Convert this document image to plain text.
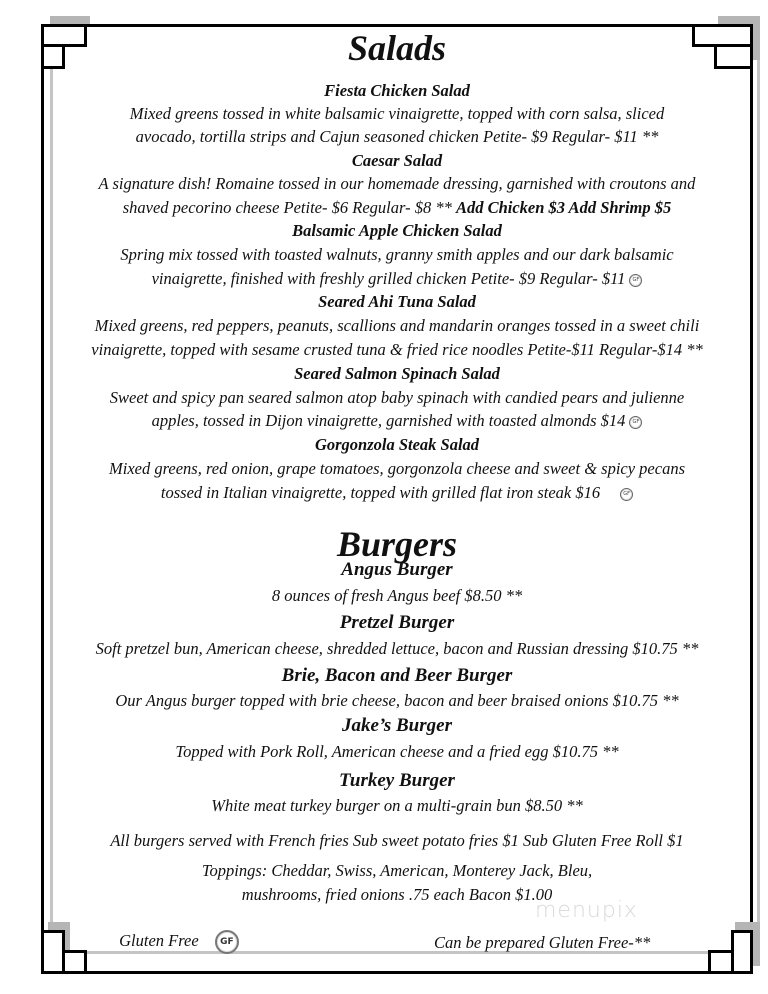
Salads
Fiesta Chicken Salad
Mixed greens tossed in white balsamic vinaigrette, topped with corn salsa, sliced
avocado, tortilla strips and Cajun seasoned chicken Petite- $9 Regular- $11 **
Caesar Salad
A signature dish! Romaine tossed in our homemade dressing, garnished with croutons and
shaved pecorino cheese Petite- $6 Regular- $8 ** Add Chicken $3 Add Shrimp $5
Balsamic Apple Chicken Salad
Spring mix tossed with toasted walnuts, granny smith apples and our dark balsamic
vinaigrette, finished with freshly grilled chicken Petite- $9 Regular- $11 GF
Seared Ahi Tuna Salad
Mixed greens, red peppers, peanuts, scallions and mandarin oranges tossed in a sweet chili
vinaigrette, topped with sesame crusted tuna & fried rice noodles Petite-$11 Regular-$14 **
Seared Salmon Spinach Salad
Sweet and spicy pan seared salmon atop baby spinach with candied pears and julienne
apples, tossed in Dijon vinaigrette, garnished with toasted almonds $14 GF
Gorgonzola Steak Salad
Mixed greens, red onion, grape tomatoes, gorgonzola cheese and sweet & spicy pecans
tossed in Italian vinaigrette, topped with grilled flat iron steak $16	GF
Burgers
Angus Burger
8 ounces of fresh Angus beef $8.50 **
Pretzel Burger
Soft pretzel bun, American cheese, shredded lettuce, bacon and Russian dressing $10.75 **
Brie, Bacon and Beer Burger
Our Angus burger topped with brie cheese, bacon and beer braised onions $10.75 **
Jake’s Burger
Topped with Pork Roll, American cheese and a fried egg $10.75 **
Turkey Burger
White meat turkey burger on a multi-grain bun $8.50 **
All burgers served with French fries Sub sweet potato fries $1 Sub Gluten Free Roll $1
Toppings: Cheddar, Swiss, American, Monterey Jack, Bleu,
mushrooms, fried onions .75 each Bacon $1.00
Gluten Free GF	Can be prepared Gluten Free-**
menupix
